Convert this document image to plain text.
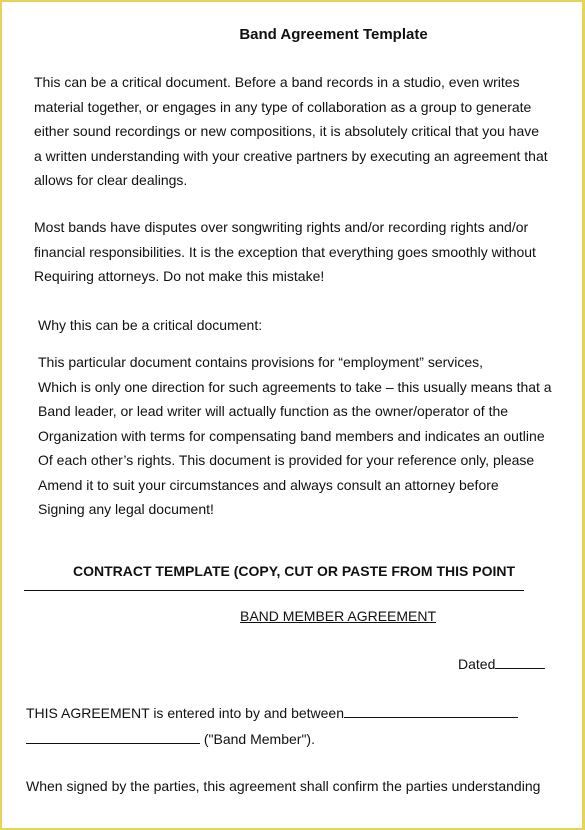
Band Agreement Template
This can be a critical document. Before a band records in a studio, even writes
material together, or engages in any type of collaboration as a group to generate
either sound recordings or new compositions, it is absolutely critical that you have
a written understanding with your creative partners by executing an agreement that
allows for clear dealings.
Most bands have disputes over songwriting rights and/or recording rights and/or
financial responsibilities. It is the exception that everything goes smoothly without
Requiring attorneys. Do not make this mistake!
Why this can be a critical document:
This particular document contains provisions for “employment” services,
Which is only one direction for such agreements to take – this usually means that a
Band leader, or lead writer will actually function as the owner/operator of the
Organization with terms for compensating band members and indicates an outline
Of each other’s rights. This document is provided for your reference only, please
Amend it to suit your circumstances and always consult an attorney before
Signing any legal document!
CONTRACT TEMPLATE (COPY, CUT OR PASTE FROM THIS POINT
BAND MEMBER AGREEMENT
Dated
THIS AGREEMENT is entered into by and between
("Band Member").
When signed by the parties, this agreement shall confirm the parties understanding
